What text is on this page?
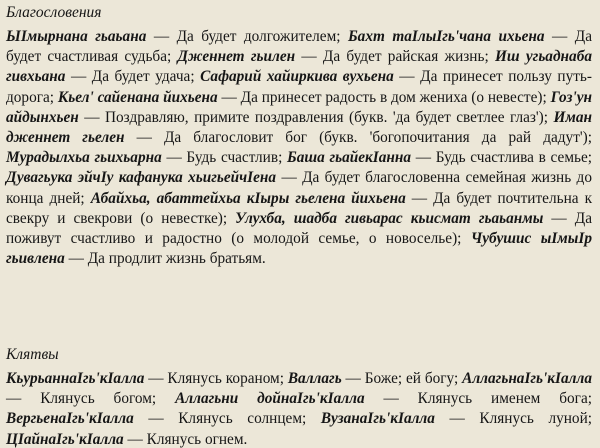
Благословения
ЫІмырнана гьаьана — Да будет долгожителем; Бахт таІлыІгь'чана ихьена — Да будет счастливая судьба; Дженнет гьилен — Да будет райская жизнь; Иш угьаднаба гивхьана — Да будет удача; Сафарий хайиркива вухьена — Да принесет пользу путь-дорога; Кьел' сайенана йихьена — Да принесет радость в дом жениха (о невесте); Гоз'ун айдынхьен — Поздравляю, примите поздравления (букв. 'да будет светлее глаз'); Иман дженнет гьелен — Да благословит бог (букв. 'богопочитания да рай дадут'); Мурадылхьа гьихьарна — Будь счастлив; Баша гьайекІанна — Будь счастлива в семье; Дувагьука эйчІу кафанука хьигьейчІена — Да будет благословенна семейная жизнь до конца дней; Абайхьа, абаттейхьа кІыры гьелена йихьена — Да будет почтительна к свекру и свекрови (о невестке); Улухба, шадба гивьарас кьисмат гьаьанмы — Да поживут счастливо и радостно (о молодой семье, о новоселье); Чубушис ыІмыІр гьивлена — Да продлит жизнь братьям.
Клятвы
КьурьаннаІгь'кІалла — Клянусь кораном; Валлагь — Боже; ей богу; АллагьнаІгь'кІалла — Клянусь богом; Аллагьни дойнаІгь'кІалла — Клянусь именем бога; ВергьенаІгь'кІалла — Клянусь солнцем; ВузанаІгь'кІалла — Клянусь луной; ЦІайнаІгь'кІалла — Клянусь огнем.
